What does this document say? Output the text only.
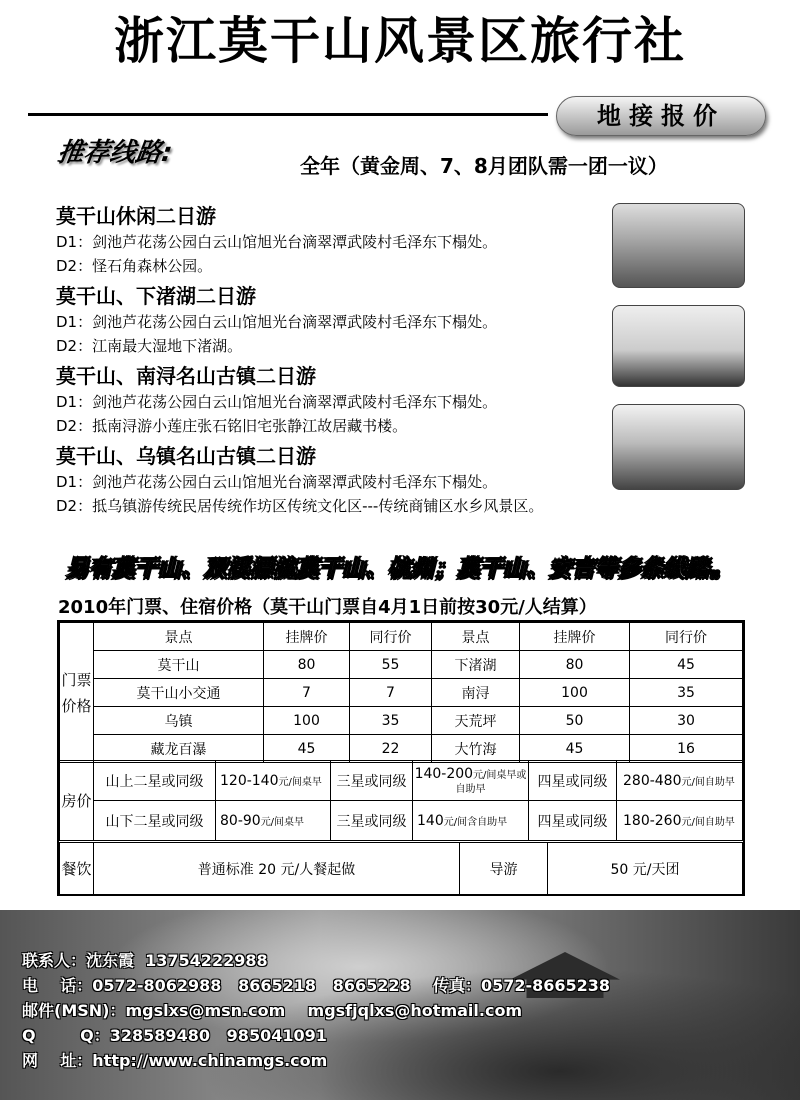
浙江莫干山风景区旅行社
地接报价
推荐线路:	全年（黄金周、7、8月团队需一团一议）
莫干山休闲二日游
D1：剑池芦花荡公园白云山馆旭光台滴翠潭武陵村毛泽东下榻处。
D2：怪石角森林公园。
莫干山、下渚湖二日游
D1：剑池芦花荡公园白云山馆旭光台滴翠潭武陵村毛泽东下榻处。
D2：江南最大湿地下渚湖。
莫干山、南浔名山古镇二日游
D1：剑池芦花荡公园白云山馆旭光台滴翠潭武陵村毛泽东下榻处。
D2：抵南浔游小莲庄张石铭旧宅张静江故居藏书楼。
莫干山、乌镇名山古镇二日游
D1：剑池芦花荡公园白云山馆旭光台滴翠潭武陵村毛泽东下榻处。
D2：抵乌镇游传统民居传统作坊区传统文化区---传统商铺区水乡风景区。
另有莫干山、双溪漂流莫干山、杭州；莫干山、安吉等多条线路。
2010年门票、住宿价格（莫干山门票自4月1日前按30元/人结算）
门票价格	景点	挂牌价	同行价	景点	挂牌价	同行价
	莫干山	80	55	下渚湖	80	45
	莫干山小交通	7	7	南浔	100	35
	乌镇	100	35	天荒坪	50	30
	藏龙百瀑	45	22	大竹海	45	16
房价	山上二星或同级	120-140元/间桌早	三星或同级	140-200元/间桌早或自助早	四星或同级	280-480元/间自助早
	山下二星或同级	80-90元/间桌早	三星或同级	140元/间含自助早	四星或同级	180-260元/间自助早
餐饮	普通标准 20 元/人餐起做	导游	50 元/天团
联系人：沈东霞  13754222988
电    话：0572-8062988   8665218   8665228    传真：0572-8665238
邮件(MSN)：mgslxs@msn.com    mgsfjqlxs@hotmail.com
Q        Q：328589480   985041091
网    址：http://www.chinamgs.com
